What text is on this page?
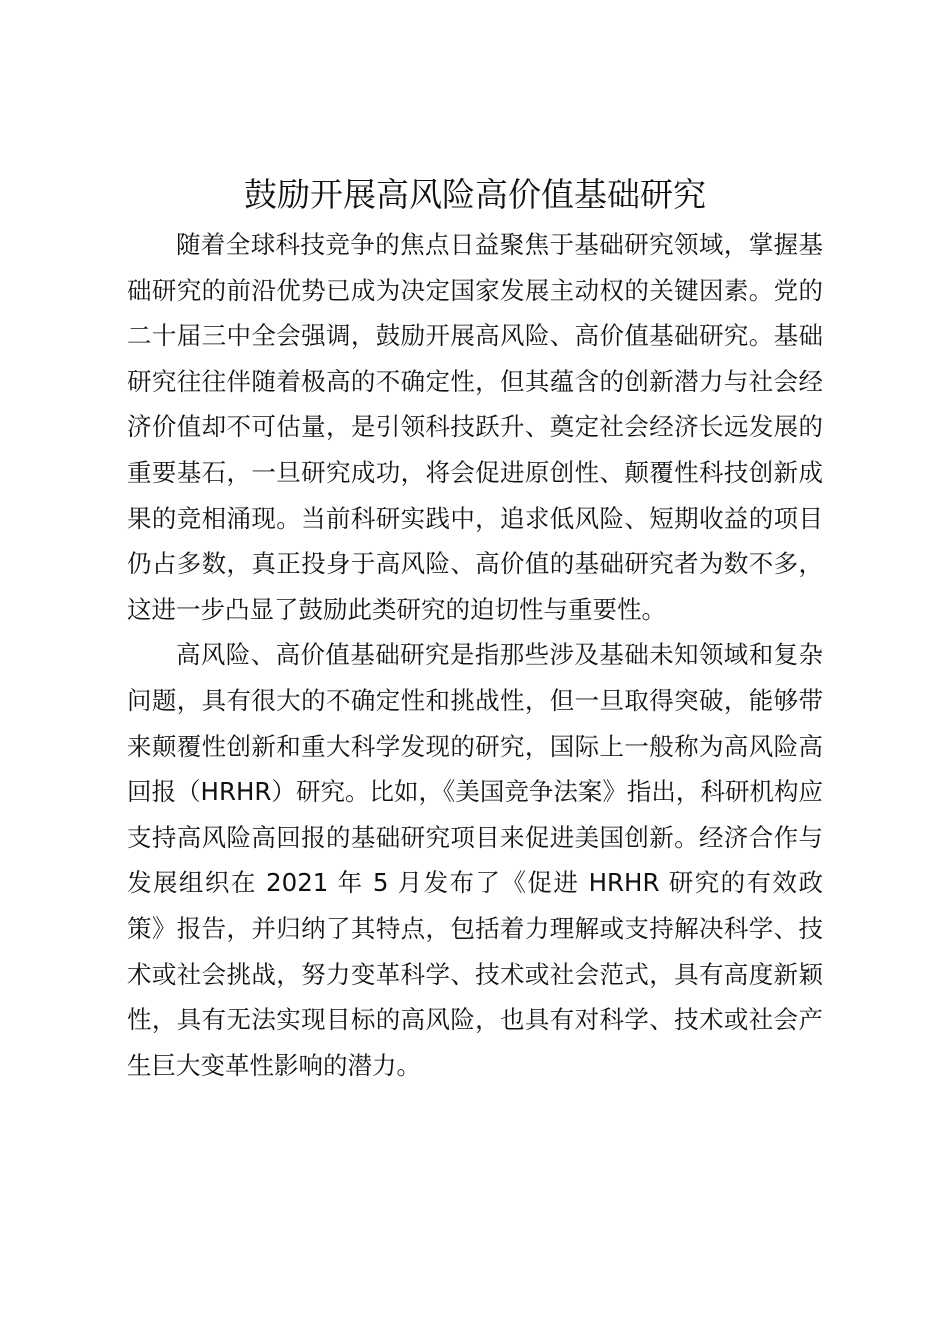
鼓励开展高风险高价值基础研究

随着全球科技竞争的焦点日益聚焦于基础研究领域，掌握基础研究的前沿优势已成为决定国家发展主动权的关键因素。党的二十届三中全会强调，鼓励开展高风险、高价值基础研究。基础研究往往伴随着极高的不确定性，但其蕴含的创新潜力与社会经济价值却不可估量，是引领科技跃升、奠定社会经济长远发展的重要基石，一旦研究成功，将会促进原创性、颠覆性科技创新成果的竞相涌现。当前科研实践中，追求低风险、短期收益的项目仍占多数，真正投身于高风险、高价值的基础研究者为数不多，这进一步凸显了鼓励此类研究的迫切性与重要性。

高风险、高价值基础研究是指那些涉及基础未知领域和复杂问题，具有很大的不确定性和挑战性，但一旦取得突破，能够带来颠覆性创新和重大科学发现的研究，国际上一般称为高风险高回报（HRHR）研究。比如，《美国竞争法案》指出，科研机构应支持高风险高回报的基础研究项目来促进美国创新。经济合作与发展组织在 2021 年 5 月发布了《促进 HRHR 研究的有效政策》报告，并归纳了其特点，包括着力理解或支持解决科学、技术或社会挑战，努力变革科学、技术或社会范式，具有高度新颖性，具有无法实现目标的高风险，也具有对科学、技术或社会产生巨大变革性影响的潜力。
